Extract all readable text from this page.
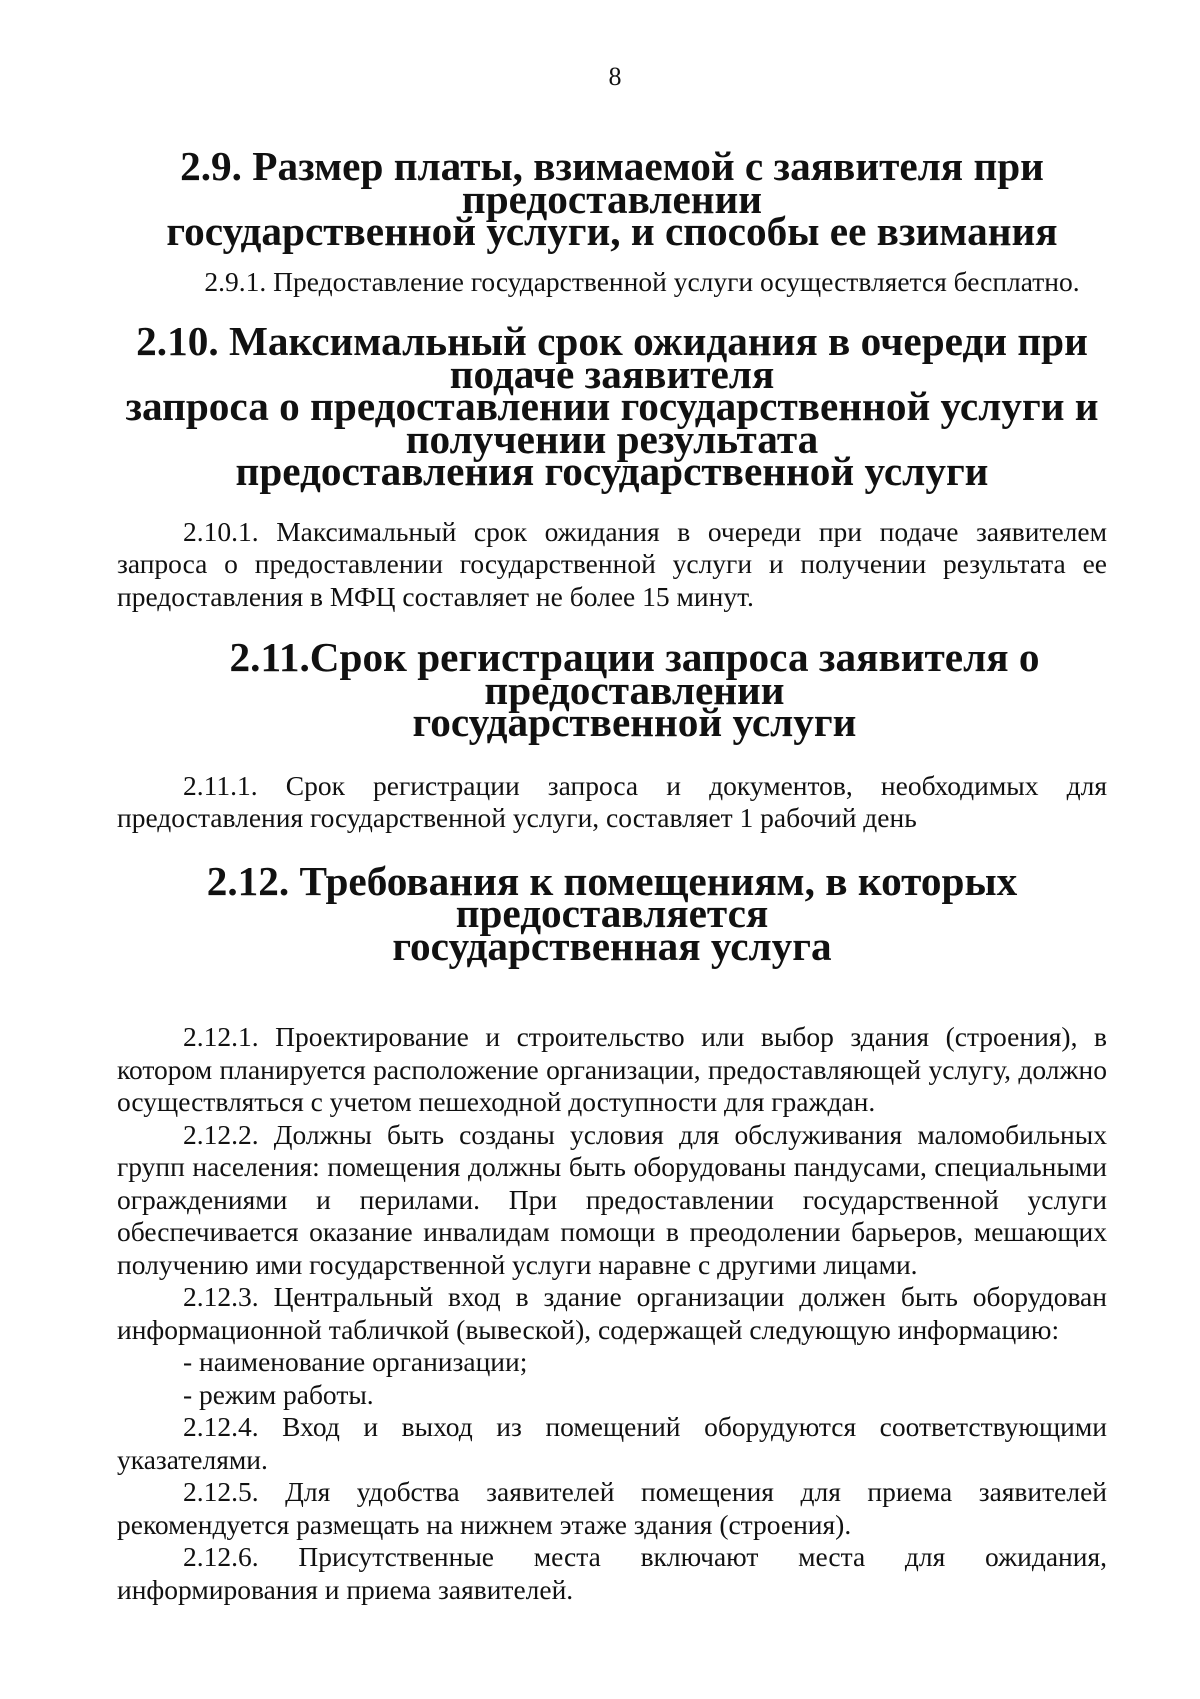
8
2.9. Размер платы, взимаемой с заявителя при предоставлении
государственной услуги, и способы ее взимания

2.9.1. Предоставление государственной услуги осуществляется бесплатно.

2.10. Максимальный срок ожидания в очереди при подаче заявителя
запроса о предоставлении государственной услуги и получении результата
предоставления государственной услуги

2.10.1. Максимальный срок ожидания в очереди при подаче заявителем запроса о предоставлении государственной услуги и получении результата ее предоставления в МФЦ составляет не более 15 минут.

2.11.Срок регистрации запроса заявителя о предоставлении
государственной услуги

2.11.1. Срок регистрации запроса и документов, необходимых для предоставления государственной услуги, составляет 1 рабочий день

2.12. Требования к помещениям, в которых предоставляется
государственная услуга

2.12.1. Проектирование и строительство или выбор здания (строения), в котором планируется расположение организации, предоставляющей услугу, должно осуществляться с учетом пешеходной доступности для граждан.

2.12.2. Должны быть созданы условия для обслуживания маломобильных групп населения: помещения должны быть оборудованы пандусами, специальными ограждениями и перилами. При предоставлении государственной услуги обеспечивается оказание инвалидам помощи в преодолении барьеров, мешающих получению ими государственной услуги наравне с другими лицами.

2.12.3. Центральный вход в здание организации должен быть оборудован информационной табличкой (вывеской), содержащей следующую информацию:

- наименование организации;
- режим работы.

2.12.4. Вход и выход из помещений оборудуются соответствующими указателями.

2.12.5. Для удобства заявителей помещения для приема заявителей рекомендуется размещать на нижнем этаже здания (строения).

2.12.6. Присутственные места включают места для ожидания, информирования и приема заявителей.
